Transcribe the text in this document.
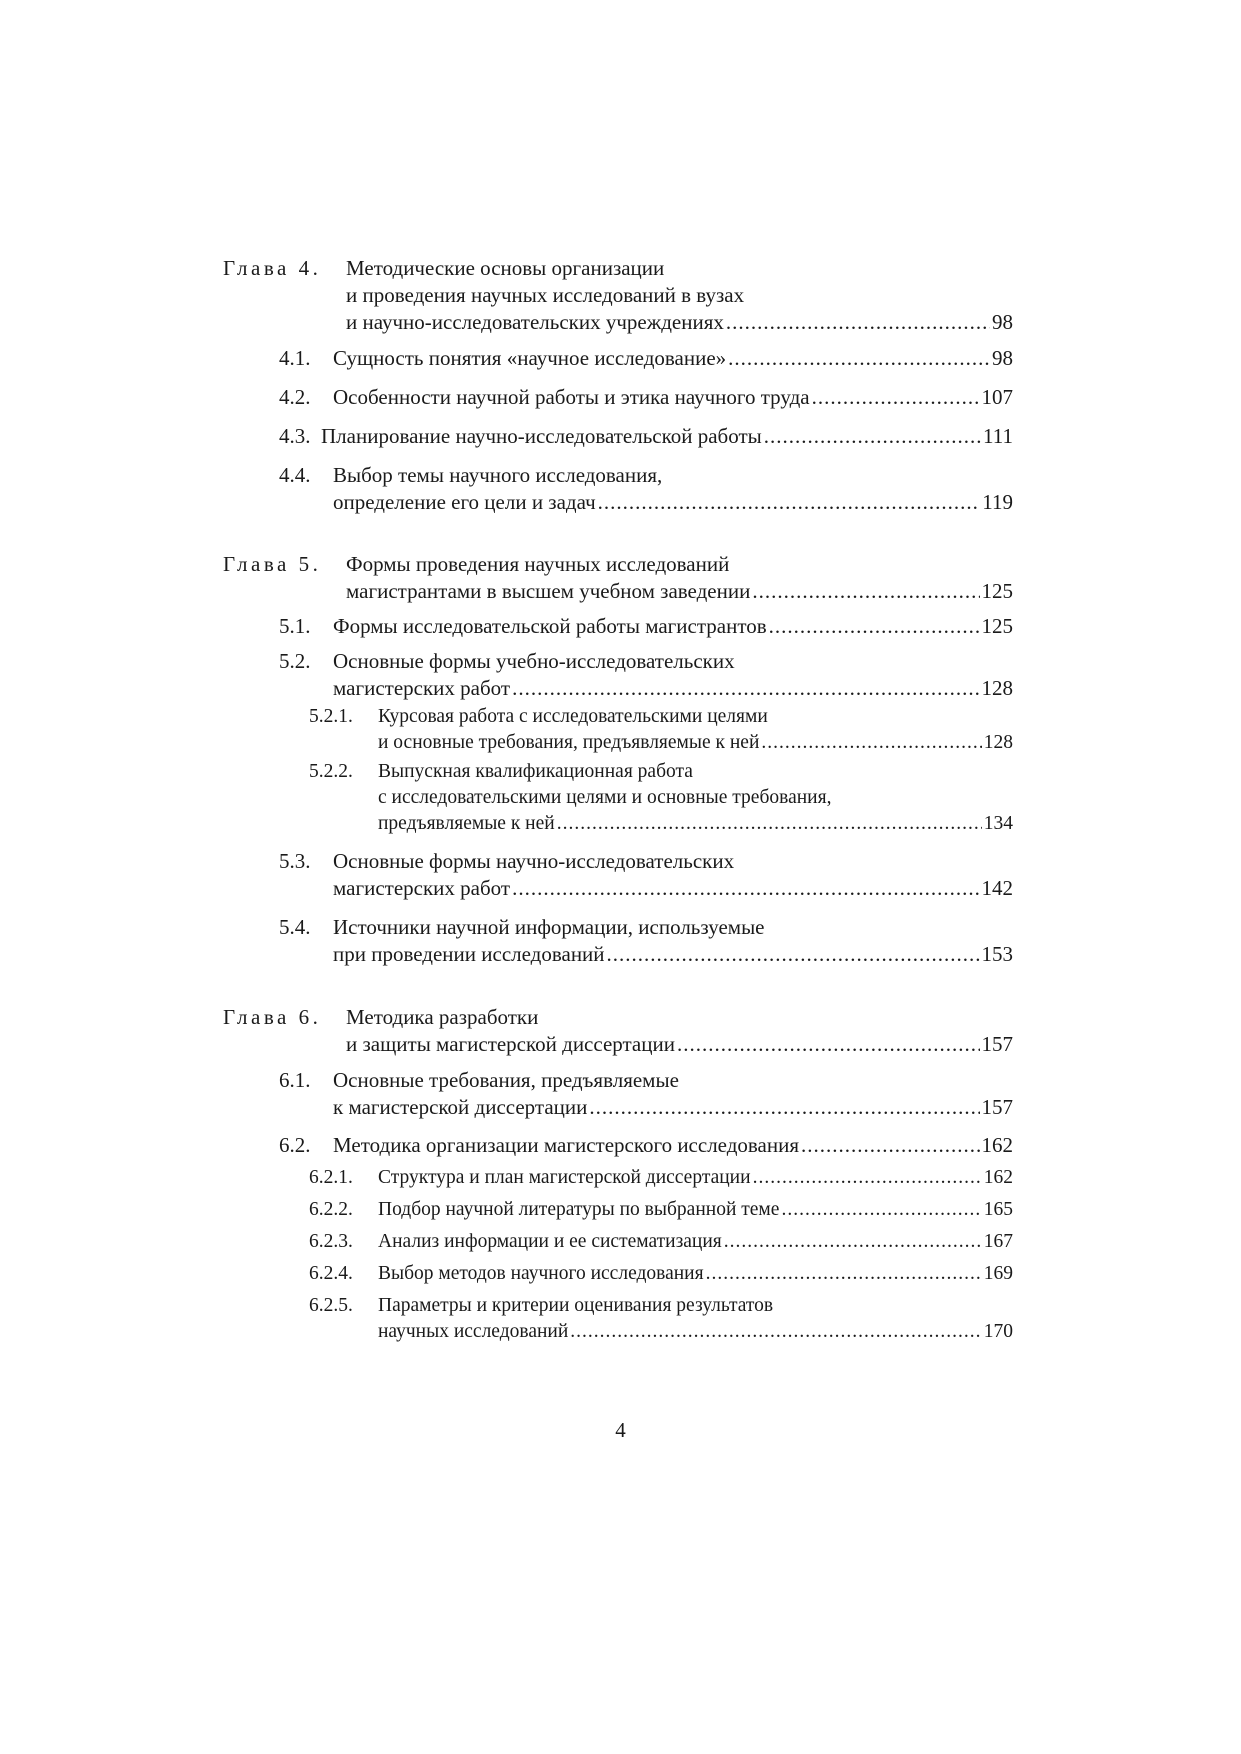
Глава 4.	Методические основы организации
и проведения научных исследований в вузах
и научно-исследовательских учреждениях .....	98
4.1.	Сущность понятия «научное исследование» .....	98
4.2.	Особенности научной работы и этика научного труда .....	107
4.3. Планирование научно-исследовательской работы .....	111
4.4.	Выбор темы научного исследования,
определение его цели и задач .....	119
Глава 5.	Формы проведения научных исследований
магистрантами в высшем учебном заведении .....	125
5.1.	Формы исследовательской работы магистрантов .....	125
5.2.	Основные формы учебно-исследовательских
магистерских работ .....	128
5.2.1.	Курсовая работа с исследовательскими целями
и основные требования, предъявляемые к ней .....	128
5.2.2.	Выпускная квалификационная работа
с исследовательскими целями и основные требования,
предъявляемые к ней .....	134
5.3.	Основные формы научно-исследовательских
магистерских работ .....	142
5.4.	Источники научной информации, используемые
при проведении исследований .....	153
Глава 6.	Методика разработки
и защиты магистерской диссертации .....	157
6.1.	Основные требования, предъявляемые
к магистерской диссертации .....	157
6.2.	Методика организации магистерского исследования .....	162
6.2.1.	Структура и план магистерской диссертации .....	162
6.2.2.	Подбор научной литературы по выбранной теме .....	165
6.2.3.	Анализ информации и ее систематизация .....	167
6.2.4.	Выбор методов научного исследования .....	169
6.2.5.	Параметры и критерии оценивания результатов
научных исследований .....	170
4
